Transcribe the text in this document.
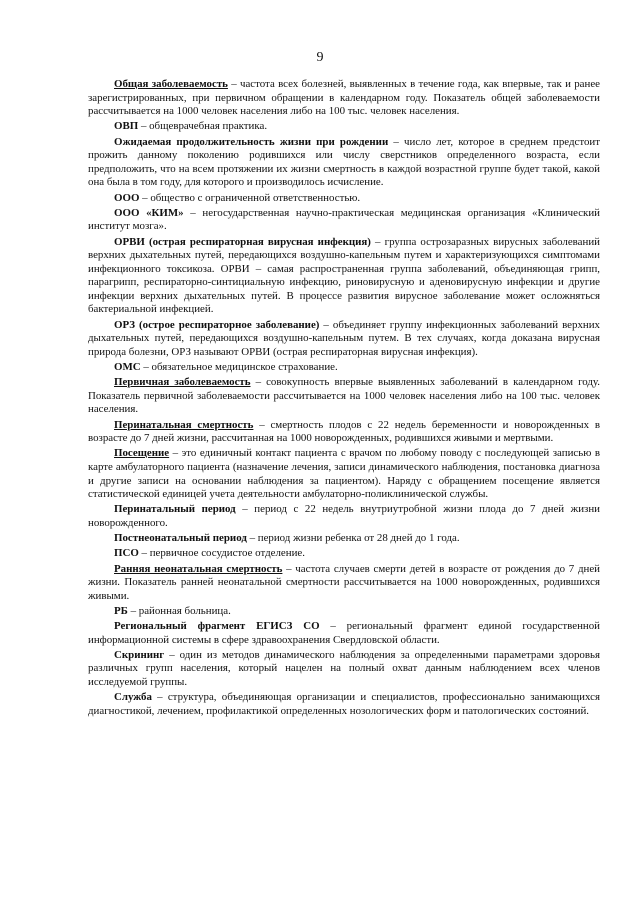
9

Общая заболеваемость – частота всех болезней, выявленных в течение года, как впервые, так и ранее зарегистрированных, при первичном обращении в календарном году. Показатель общей заболеваемости рассчитывается на 1000 человек населения либо на 100 тыс. человек населения.

ОВП – общеврачебная практика.

Ожидаемая продолжительность жизни при рождении – число лет, которое в среднем предстоит прожить данному поколению родившихся или числу сверстников определенного возраста, если предположить, что на всем протяжении их жизни смертность в каждой возрастной группе будет такой, какой она была в том году, для которого и производилось исчисление.

ООО – общество с ограниченной ответственностью.

ООО «КИМ» – негосударственная научно-практическая медицинская организация «Клинический институт мозга».

ОРВИ (острая респираторная вирусная инфекция) – группа острозаразных вирусных заболеваний верхних дыхательных путей, передающихся воздушно-капельным путем и характеризующихся симптомами инфекционного токсикоза. ОРВИ – самая распространенная группа заболеваний, объединяющая грипп, парагрипп, респираторно-синтициальную инфекцию, риновирусную и аденовирусную инфекции и другие инфекции верхних дыхательных путей. В процессе развития вирусное заболевание может осложняться бактериальной инфекцией.

ОРЗ (острое респираторное заболевание) – объединяет группу инфекционных заболеваний верхних дыхательных путей, передающихся воздушно-капельным путем. В тех случаях, когда доказана вирусная природа болезни, ОРЗ называют ОРВИ (острая респираторная вирусная инфекция).

ОМС – обязательное медицинское страхование.

Первичная заболеваемость – совокупность впервые выявленных заболеваний в календарном году. Показатель первичной заболеваемости рассчитывается на 1000 человек населения либо на 100 тыс. человек населения.

Перинатальная смертность – смертность плодов с 22 недель беременности и новорожденных в возрасте до 7 дней жизни, рассчитанная на 1000 новорожденных, родившихся живыми и мертвыми.

Посещение – это единичный контакт пациента с врачом по любому поводу с последующей записью в карте амбулаторного пациента (назначение лечения, записи динамического наблюдения, постановка диагноза и другие записи на основании наблюдения за пациентом). Наряду с обращением посещение является статистической единицей учета деятельности амбулаторно-поликлинической службы.

Перинатальный период – период с 22 недель внутриутробной жизни плода до 7 дней жизни новорожденного.

Постнеонатальный период – период жизни ребенка от 28 дней до 1 года.

ПСО – первичное сосудистое отделение.

Ранняя неонатальная смертность – частота случаев смерти детей в возрасте от рождения до 7 дней жизни. Показатель ранней неонатальной смертности рассчитывается на 1000 новорожденных, родившихся живыми.

РБ – районная больница.

Региональный фрагмент ЕГИСЗ СО – региональный фрагмент единой государственной информационной системы в сфере здравоохранения Свердловской области.

Скрининг – один из методов динамического наблюдения за определенными параметрами здоровья различных групп населения, который нацелен на полный охват данным наблюдением всех членов исследуемой группы.

Служба – структура, объединяющая организации и специалистов, профессионально занимающихся диагностикой, лечением, профилактикой определенных нозологических форм и патологических состояний.
